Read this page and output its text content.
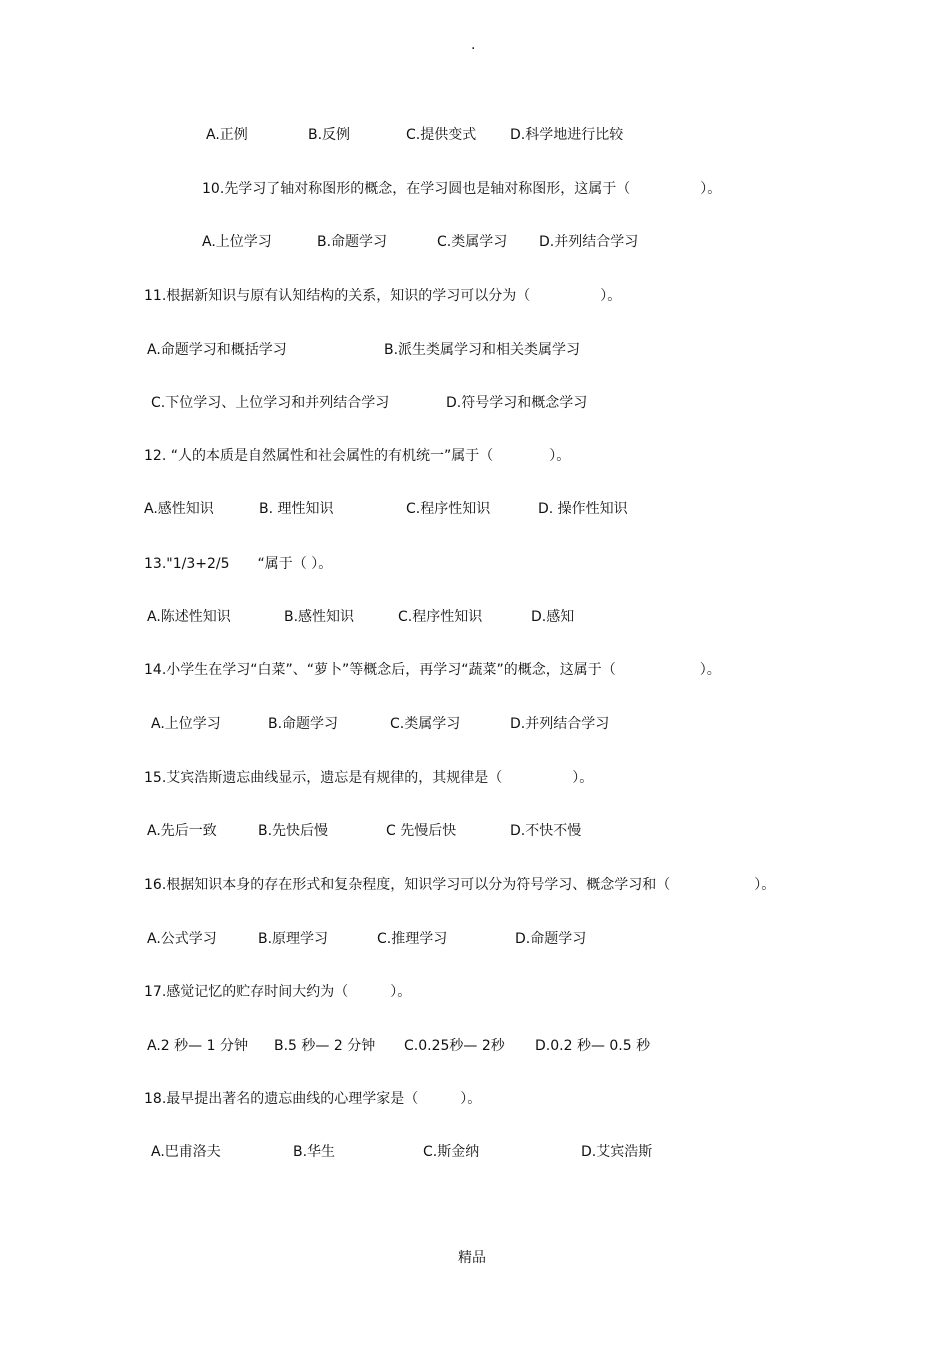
.
A.正例	B.反例	C.提供变式 D.科学地进行比较
10.先学习了轴对称图形的概念，在学习圆也是轴对称图形，这属于（　　　　　）。
A.上位学习	B.命题学习	C.类属学习 D.并列结合学习
11.根据新知识与原有认知结构的关系，知识的学习可以分为（　　　　　）。
A.命题学习和概括学习	B.派生类属学习和相关类属学习
C.下位学习、上位学习和并列结合学习	D.符号学习和概念学习
12. “人的本质是自然属性和社会属性的有机统一”属于（　　　　）。
A.感性知识	B. 理性知识	C.程序性知识	D. 操作性知识
13."1/3+2/5　　“属于（ ）。
A.陈述性知识	B.感性知识	C.程序性知识	D.感知
14.小学生在学习“白菜”、“萝卜”等概念后，再学习“蔬菜”的概念，这属于（　　　　　　）。
A.上位学习	B.命题学习	C.类属学习	D.并列结合学习
15.艾宾浩斯遗忘曲线显示，遗忘是有规律的，其规律是（　　　　　）。
A.先后一致	B.先快后慢	C 先慢后快	D.不快不慢
16.根据知识本身的存在形式和复杂程度，知识学习可以分为符号学习、概念学习和（　　　　　　）。
A.公式学习	B.原理学习	C.推理学习	D.命题学习
17.感觉记忆的贮存时间大约为（　　　）。
A.2 秒— 1 分钟 B.5 秒— 2 分钟 C.0.25秒— 2秒 D.0.2 秒— 0.5 秒
18.最早提出著名的遗忘曲线的心理学家是（　　　）。
A.巴甫洛夫	B.华生	C.斯金纳	D.艾宾浩斯
精品
